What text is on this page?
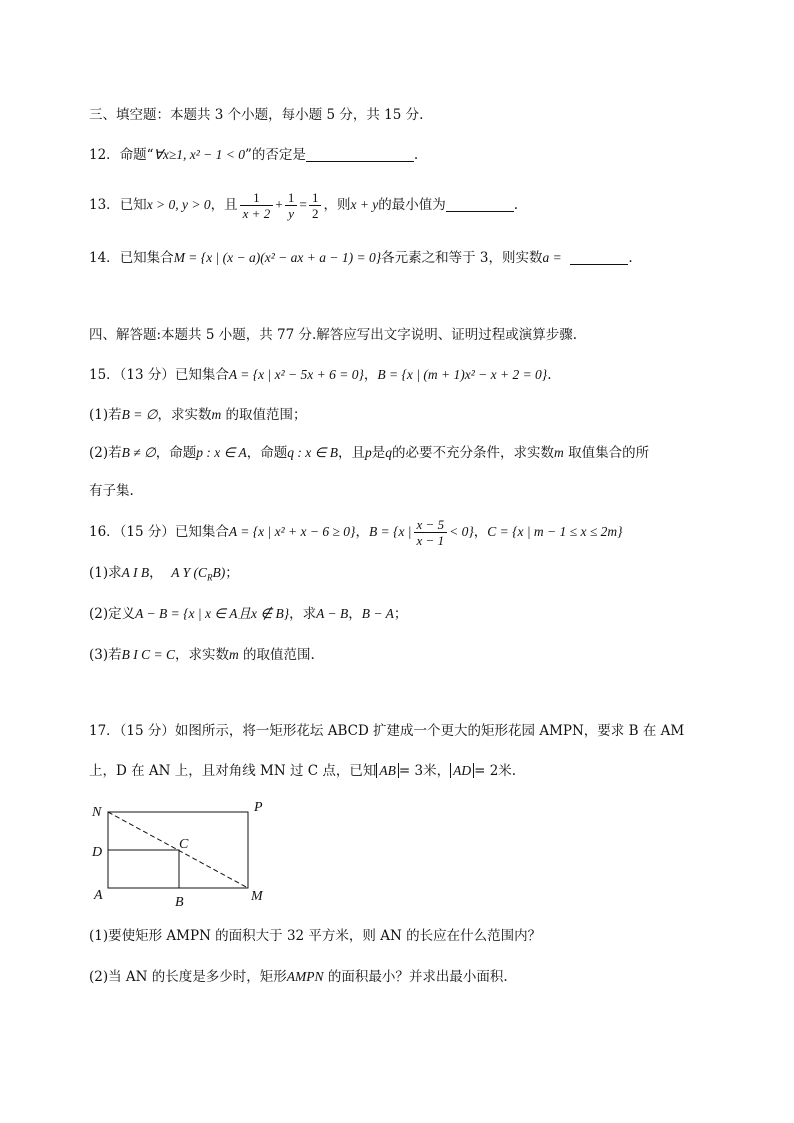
三、填空题：本题共 3 个小题，每小题 5 分，共 15 分.
12．命题“∀x≥1, x² − 1 < 0”的否定是	.
13．已知x > 0, y > 0，且 $\frac{1}{x + 2} + \frac{1}{y} = \frac{1}{2}$ ，则x + y的最小值为	.
14．已知集合M = {x | (x − a)(x² − ax + a − 1) = 0}各元素之和等于 3，则实数a =	.
四、解答题:本题共 5 小题，共 77 分.解答应写出文字说明、证明过程或演算步骤.
15．（13 分）已知集合A = {x | x² − 5x + 6 = 0}，B = {x | (m + 1)x² − x + 2 = 0}.
(1)若B = ∅，求实数m 的取值范围；
(2)若B ≠ ∅，命题p : x ∈ A，命题q : x ∈ B，且p是q的必要不充分条件，求实数m 取值集合的所
有子集.
16．（15 分）已知集合A = {x | x² + x − 6 ≥ 0}，B = {x | $\frac{x - 5}{x - 1} < 0$}，C = {x | m − 1 ≤ x ≤ 2m}
(1)求A I B， A Y $(C_RB)$；
(2)定义A − B = {x | x ∈ A且x ∉ B}，求A − B，B − A；
(3)若B I C = C，求实数m 的取值范围.
17．（15 分）如图所示，将一矩形花坛 ABCD 扩建成一个更大的矩形花园 AMPN，要求 B 在 AM
上，D 在 AN 上，且对角线 MN 过 C 点，已知 AB = 3米， AD = 2米.
N	P
C
D
A	B	M
(1)要使矩形 AMPN 的面积大于 32 平方米，则 AN 的长应在什么范围内？
(2)当 AN 的长度是多少时，矩形AMPN 的面积最小？并求出最小面积.
